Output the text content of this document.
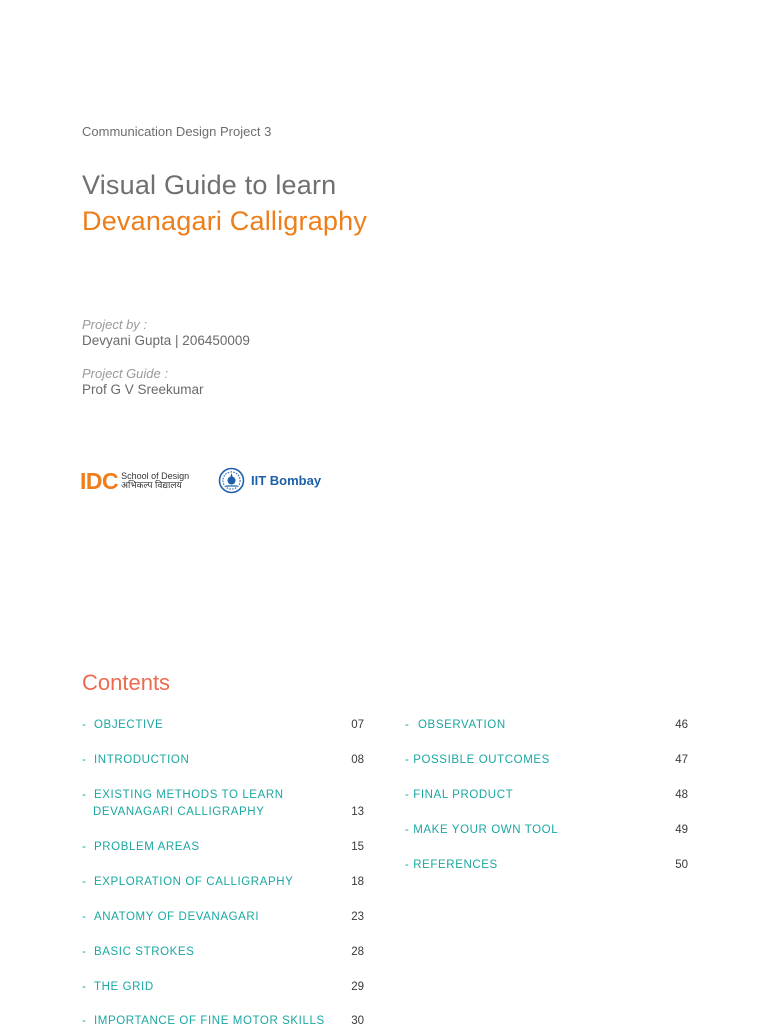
Communication Design Project 3
Visual Guide to learn
Devanagari Calligraphy
Project by :
Devyani Gupta | 206450009
Project Guide :
Prof G V Sreekumar
IDC School of Design
अभिकल्प विद्यालय	IIT Bombay
Contents
- OBJECTIVE	07
- INTRODUCTION	08
- EXISTING METHODS TO LEARN
DEVANAGARI CALLIGRAPHY	13
- PROBLEM AREAS	15
- EXPLORATION OF CALLIGRAPHY	18
- ANATOMY OF DEVANAGARI	23
- BASIC STROKES	28
- THE GRID	29
- IMPORTANCE OF FINE MOTOR SKILLS 30
- OBSERVATION	46
- POSSIBLE OUTCOMES	47
- FINAL PRODUCT	48
- MAKE YOUR OWN TOOL	49
- REFERENCES	50
